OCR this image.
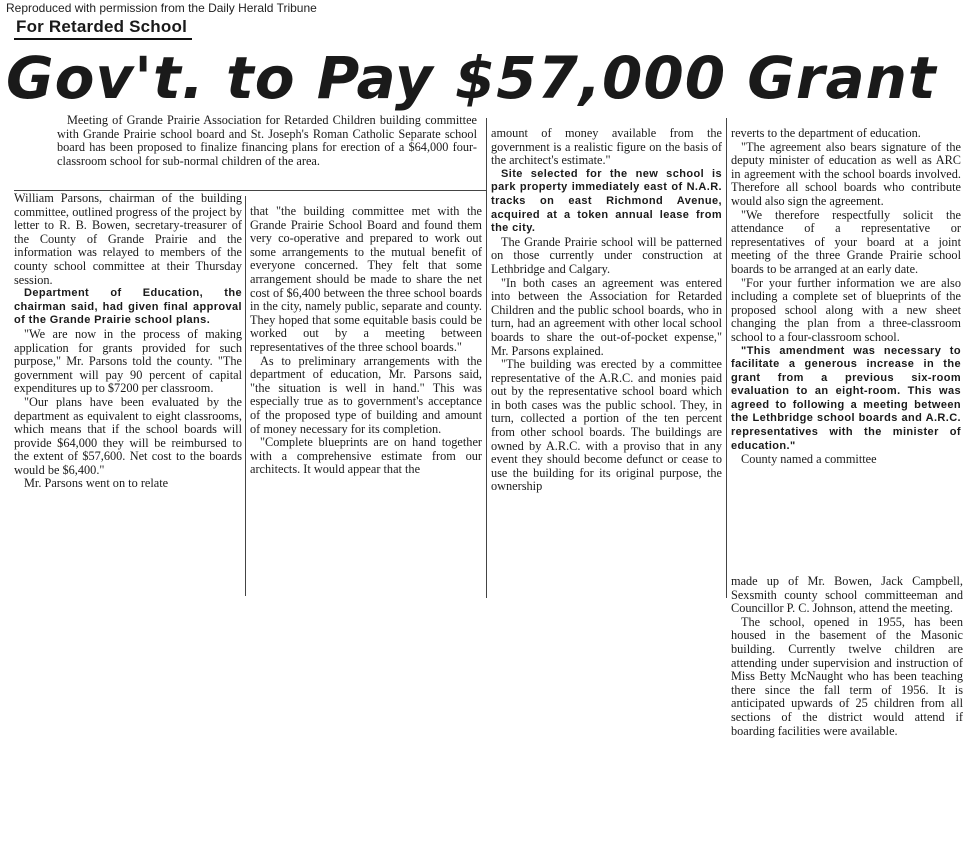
Reproduced with permission from the Daily Herald Tribune
For Retarded School
Gov't. to Pay $57,000 Grant

Meeting of Grande Prairie Association for Retarded Children building committee with Grande Prairie school board and St. Joseph's Roman Catholic Separate school board has been proposed to finalize financing plans for erection of a $64,000 four-classroom school for sub-normal children of the area.

William Parsons, chairman of the building committee, outlined progress of the project by letter to R. B. Bowen, secretary-treasurer of the County of Grande Prairie and the information was relayed to members of the county school committee at their Thursday session.

Department of Education, the chairman said, had given final approval of the Grande Prairie school plans.

"We are now in the process of making application for grants provided for such purpose," Mr. Parsons told the county. "The government will pay 90 percent of capital expenditures up to $7200 per classroom.

"Our plans have been evaluated by the department as equivalent to eight classrooms, which means that if the school boards will provide $64,000 they will be reimbursed to the extent of $57,600. Net cost to the boards would be $6,400."

Mr. Parsons went on to relate

that "the building committee met with the Grande Prairie School Board and found them very co-operative and prepared to work out some arrangements to the mutual benefit of everyone concerned. They felt that some arrangement should be made to share the net cost of $6,400 between the three school boards in the city, namely public, separate and county. They hoped that some equitable basis could be worked out by a meeting between representatives of the three school boards."

As to preliminary arrangements with the department of education, Mr. Parsons said, "the situation is well in hand." This was especially true as to government's acceptance of the proposed type of building and amount of money necessary for its completion.

"Complete blueprints are on hand together with a comprehensive estimate from our architects. It would appear that the

amount of money available from the government is a realistic figure on the basis of the architect's estimate."

Site selected for the new school is park property immediately east of N.A.R. tracks on east Richmond Avenue, acquired at a token annual lease from the city.

The Grande Prairie school will be patterned on those currently under construction at Lethbridge and Calgary.

"In both cases an agreement was entered into between the Association for Retarded Children and the public school boards, who in turn, had an agreement with other local school boards to share the out-of-pocket expense," Mr. Parsons explained.

"The building was erected by a committee representative of the A.R.C. and monies paid out by the representative school board which in both cases was the public school. They, in turn, collected a portion of the ten percent from other school boards. The buildings are owned by A.R.C. with a proviso that in any event they should become defunct or cease to use the building for its original purpose, the ownership

reverts to the department of education.

"The agreement also bears signature of the deputy minister of education as well as ARC in agreement with the school boards involved. Therefore all school boards who contribute would also sign the agreement.

"We therefore respectfully solicit the attendance of a representative or representatives of your board at a joint meeting of the three Grande Prairie school boards to be arranged at an early date.

"For your further information we are also including a complete set of blueprints of the proposed school along with a new sheet changing the plan from a three-classroom school to a four-classroom school.

"This amendment was necessary to facilitate a generous increase in the grant from a previous six-room evaluation to an eight-room. This was agreed to following a meeting between the Lethbridge school boards and A.R.C. representatives with the minister of education."

County named a committee

made up of Mr. Bowen, Jack Campbell, Sexsmith county school committeeman and Councillor P. C. Johnson, attend the meeting.

The school, opened in 1955, has been housed in the basement of the Masonic building. Currently twelve children are attending under supervision and instruction of Miss Betty McNaught who has been teaching there since the fall term of 1956. It is anticipated upwards of 25 children from all sections of the district would attend if boarding facilities were available.
